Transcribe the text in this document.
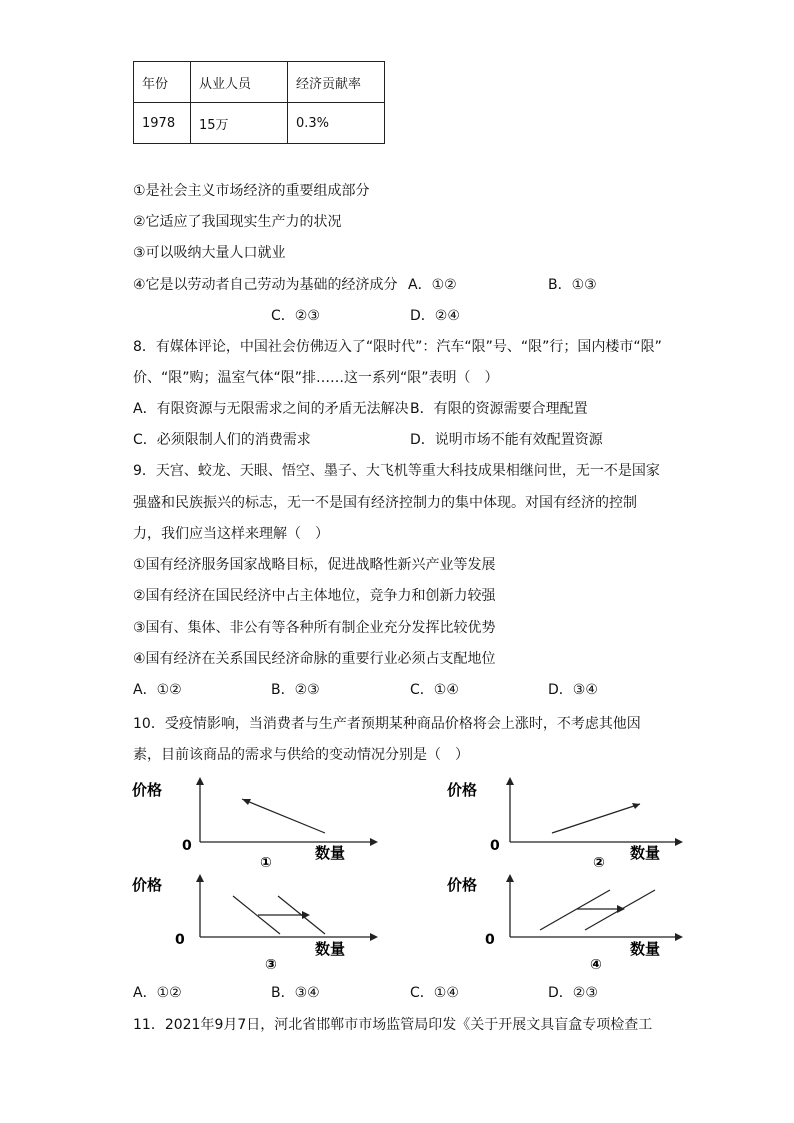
年份	从业人员	经济贡献率
1978	15万	0.3%
①是社会主义市场经济的重要组成部分
②它适应了我国现实生产力的状况
③可以吸纳大量人口就业
④它是以劳动者自己劳动为基础的经济成分 A．①②	B．①③
C．②③	D．②④
8．有媒体评论，中国社会仿佛迈入了“限时代”：汽车“限”号、“限”行；国内楼市“限”
价、“限”购；温室气体“限”排……这一系列“限”表明（　）
A．有限资源与无限需求之间的矛盾无法解决 B．有限的资源需要合理配置
C．必须限制人们的消费需求	D．说明市场不能有效配置资源
9．天宫、蛟龙、天眼、悟空、墨子、大飞机等重大科技成果相继问世，无一不是国家
强盛和民族振兴的标志，无一不是国有经济控制力的集中体现。对国有经济的控制
力，我们应当这样来理解（　）
①国有经济服务国家战略目标，促进战略性新兴产业等发展
②国有经济在国民经济中占主体地位，竞争力和创新力较强
③国有、集体、非公有等各种所有制企业充分发挥比较优势
④国有经济在关系国民经济命脉的重要行业必须占支配地位
A．①②	B．②③	C．①④	D．③④
10．受疫情影响，当消费者与生产者预期某种商品价格将会上涨时，不考虑其他因
素，目前该商品的需求与供给的变动情况分别是（　）
价格
0	数量
①
价格
0	数量
②
价格
0	数量
③
价格
0	数量
④
A．①②	B．③④	C．①④	D．②③
11．2021年9月7日，河北省邯郸市市场监管局印发《关于开展文具盲盒专项检查工
